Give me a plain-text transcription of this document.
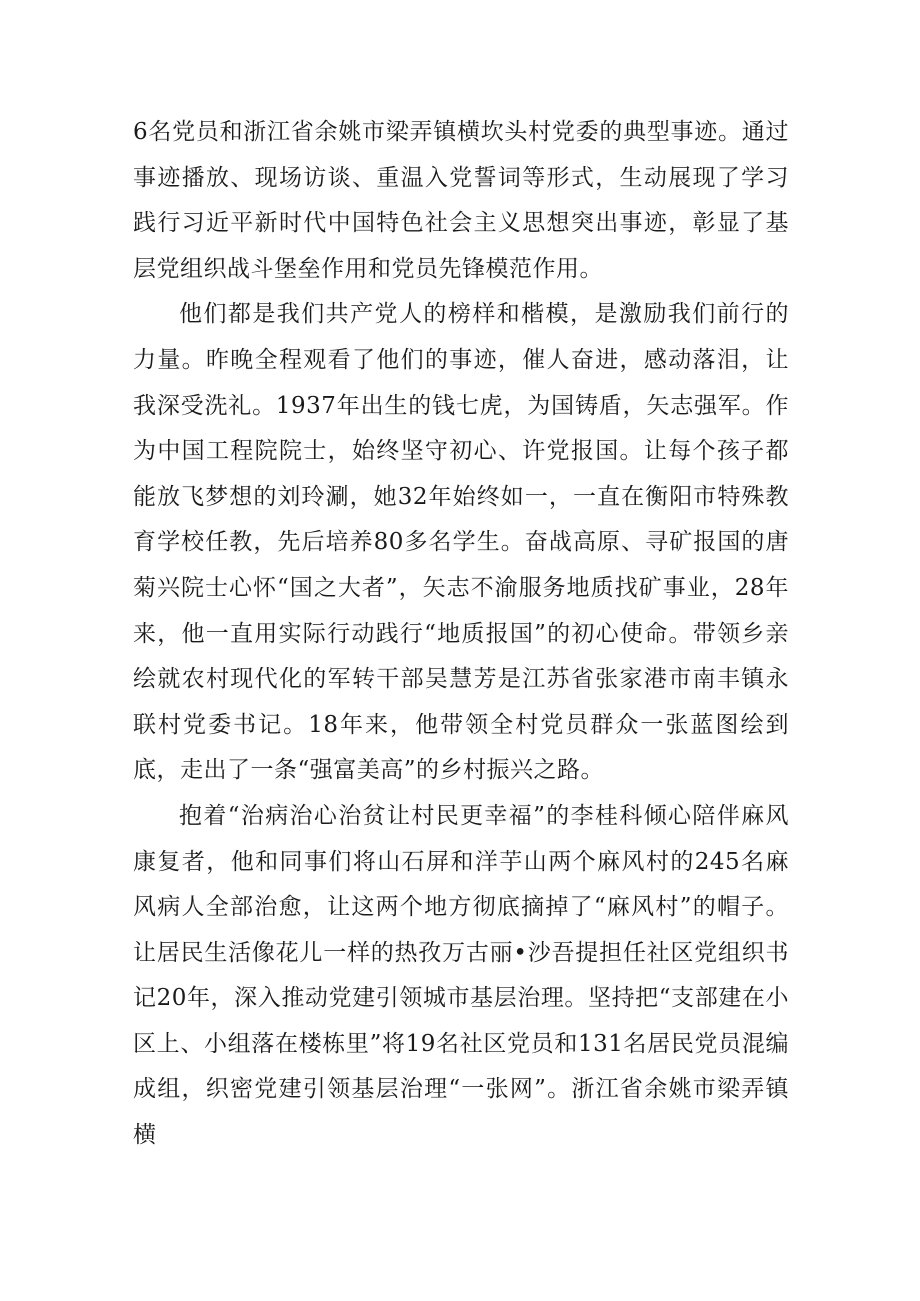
6名党员和浙江省余姚市梁弄镇横坎头村党委的典型事迹。通过事迹播放、现场访谈、重温入党誓词等形式，生动展现了学习践行习近平新时代中国特色社会主义思想突出事迹，彰显了基层党组织战斗堡垒作用和党员先锋模范作用。

他们都是我们共产党人的榜样和楷模，是激励我们前行的力量。昨晚全程观看了他们的事迹，催人奋进，感动落泪，让我深受洗礼。1937年出生的钱七虎，为国铸盾，矢志强军。作为中国工程院院士，始终坚守初心、许党报国。让每个孩子都能放飞梦想的刘玲涮，她32年始终如一，一直在衡阳市特殊教育学校任教，先后培养80多名学生。奋战高原、寻矿报国的唐菊兴院士心怀“国之大者”，矢志不渝服务地质找矿事业，28年来，他一直用实际行动践行“地质报国”的初心使命。带领乡亲绘就农村现代化的军转干部吴慧芳是江苏省张家港市南丰镇永联村党委书记。18年来，他带领全村党员群众一张蓝图绘到底，走出了一条“强富美高”的乡村振兴之路。

抱着“治病治心治贫让村民更幸福”的李桂科倾心陪伴麻风康复者，他和同事们将山石屏和洋芋山两个麻风村的245名麻风病人全部治愈，让这两个地方彻底摘掉了“麻风村”的帽子。让居民生活像花儿一样的热孜万古丽•沙吾提担任社区党组织书记20年，深入推动党建引领城市基层治理。坚持把“支部建在小区上、小组落在楼栋里”将19名社区党员和131名居民党员混编成组，织密党建引领基层治理“一张网”。浙江省余姚市梁弄镇横
